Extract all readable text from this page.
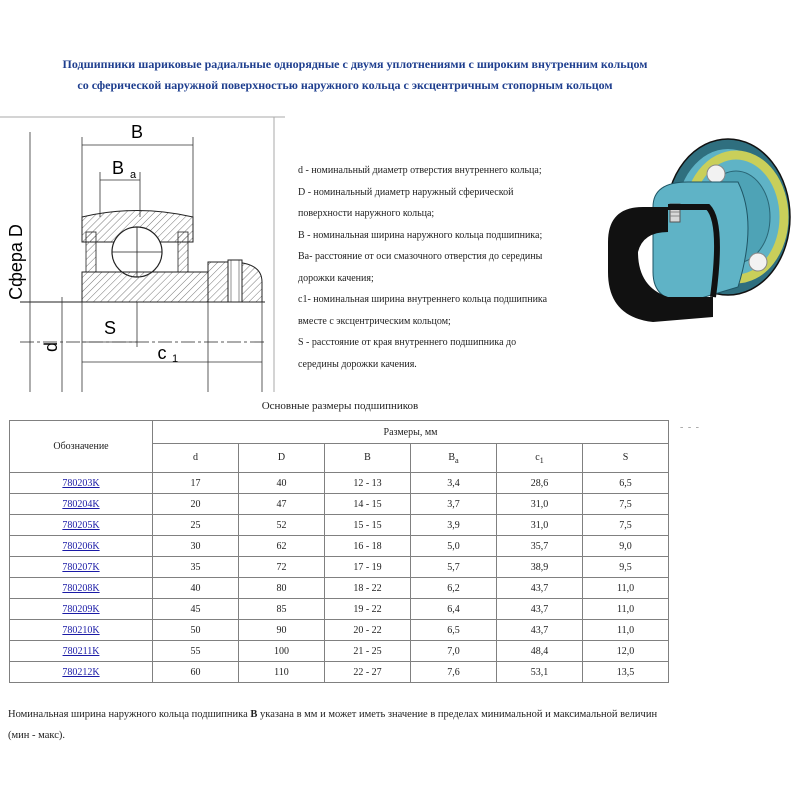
Подшипники шариковые радиальные однорядные с двумя уплотнениями с широким внутренним кольцом
со сферической наружной поверхностью наружного кольца с эксцентричным стопорным кольцом
B
B a
Сфера D
d
S
c 1
d - номинальный диаметр отверстия внутреннего кольца;
D - номинальный диаметр наружный сферической
поверхности наружного кольца;
B - номинальная ширина наружного кольца подшипника;
Ba- расстояние от оси смазочного отверстия до середины
дорожки качения;
c1- номинальная ширина внутреннего кольца подшипника
вместе с эксцентрическим кольцом;
S - расстояние от края внутреннего подшипника до
середины дорожки качения.
Основные размеры подшипников
- - -
Обозначение	Размеры, мм					
	d	D	B	$B_a$	$c_1$	S
780203K	17	40	12 - 13	3,4	28,6	6,5
780204K	20	47	14 - 15	3,7	31,0	7,5
780205K	25	52	15 - 15	3,9	31,0	7,5
780206K	30	62	16 - 18	5,0	35,7	9,0
780207K	35	72	17 - 19	5,7	38,9	9,5
780208K	40	80	18 - 22	6,2	43,7	11,0
780209K	45	85	19 - 22	6,4	43,7	11,0
780210K	50	90	20 - 22	6,5	43,7	11,0
780211K	55	100	21 - 25	7,0	48,4	12,0
780212K	60	110	22 - 27	7,6	53,1	13,5
Номинальная ширина наружного кольца подшипника B указана в мм и может иметь значение в пределах минимальной и максимальной величин (мин - макс).
